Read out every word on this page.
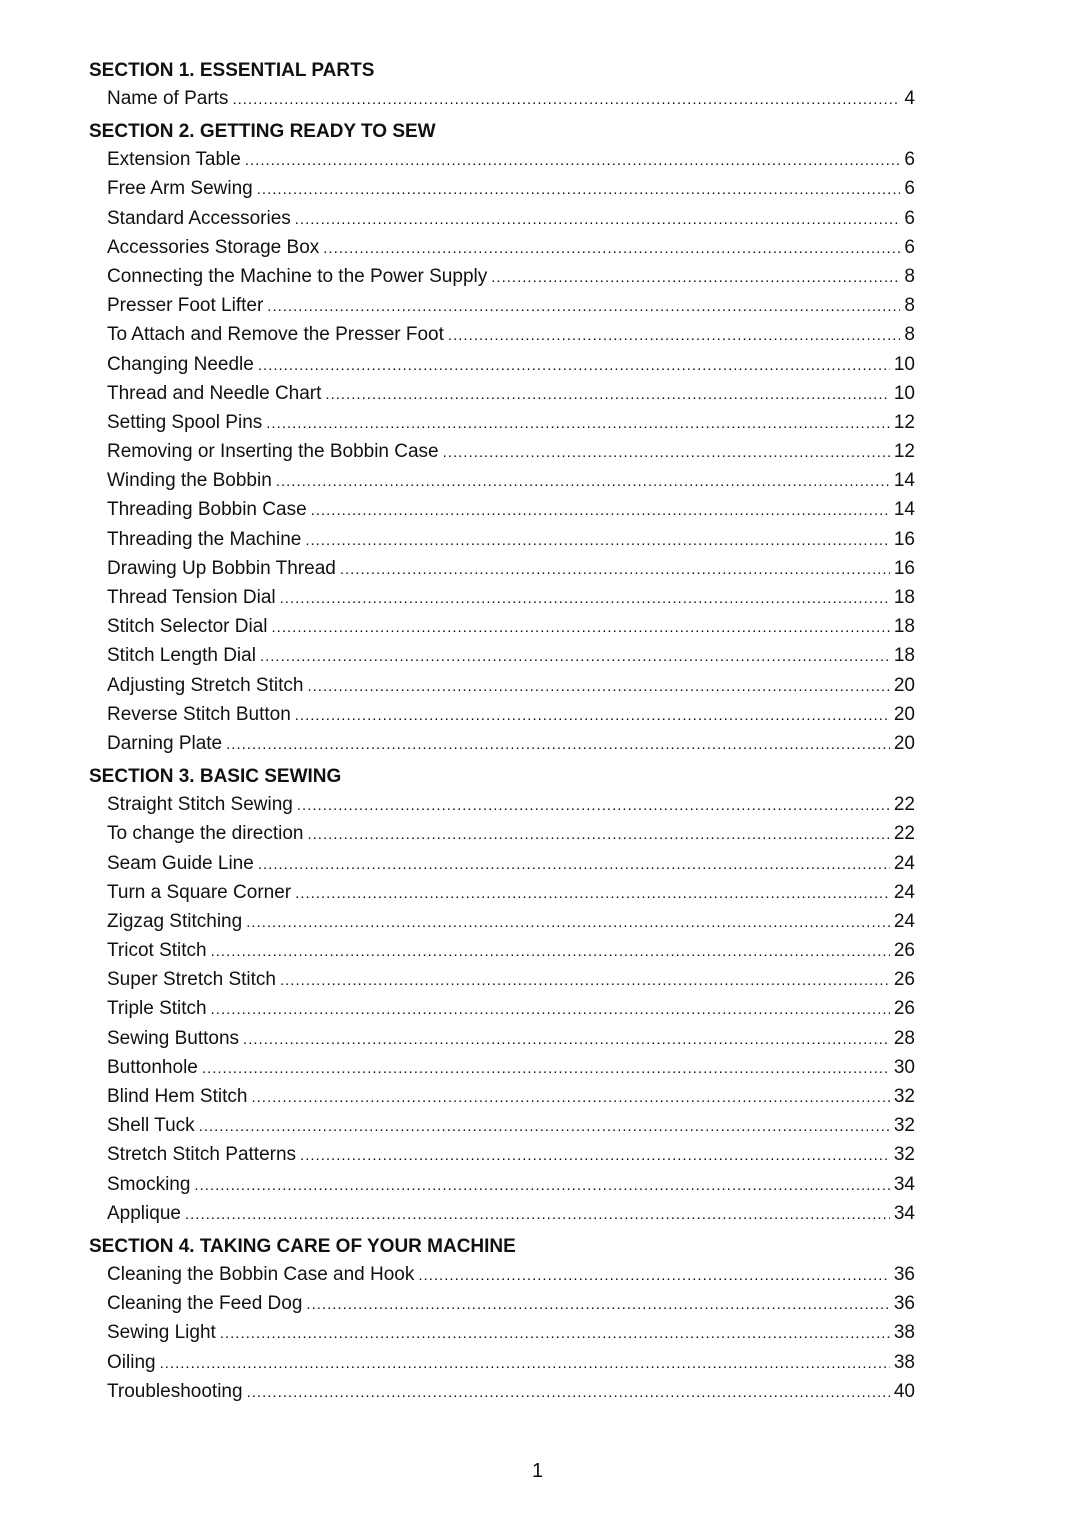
SECTION 1. ESSENTIAL PARTS
Name of Parts .....	4
SECTION 2. GETTING READY TO SEW
Extension Table .....	6
Free Arm Sewing .....	6
Standard Accessories .....	6
Accessories Storage Box .....	6
Connecting the Machine to the Power Supply .....	8
Presser Foot Lifter .....	8
To Attach and Remove the Presser Foot .....	8
Changing Needle .....	10
Thread and Needle Chart .....	10
Setting Spool Pins .....	12
Removing or Inserting the Bobbin Case .....	12
Winding the Bobbin .....	14
Threading Bobbin Case .....	14
Threading the Machine .....	16
Drawing Up Bobbin Thread .....	16
Thread Tension Dial .....	18
Stitch Selector Dial .....	18
Stitch Length Dial .....	18
Adjusting Stretch Stitch .....	20
Reverse Stitch Button .....	20
Darning Plate .....	20
SECTION 3. BASIC SEWING
Straight Stitch Sewing .....	22
To change the direction .....	22
Seam Guide Line .....	24
Turn a Square Corner .....	24
Zigzag Stitching .....	24
Tricot Stitch .....	26
Super Stretch Stitch .....	26
Triple Stitch .....	26
Sewing Buttons .....	28
Buttonhole .....	30
Blind Hem Stitch .....	32
Shell Tuck .....	32
Stretch Stitch Patterns .....	32
Smocking .....	34
Applique .....	34
SECTION 4. TAKING CARE OF YOUR MACHINE
Cleaning the Bobbin Case and Hook .....	36
Cleaning the Feed Dog .....	36
Sewing Light .....	38
Oiling .....	38
Troubleshooting .....	40
1
